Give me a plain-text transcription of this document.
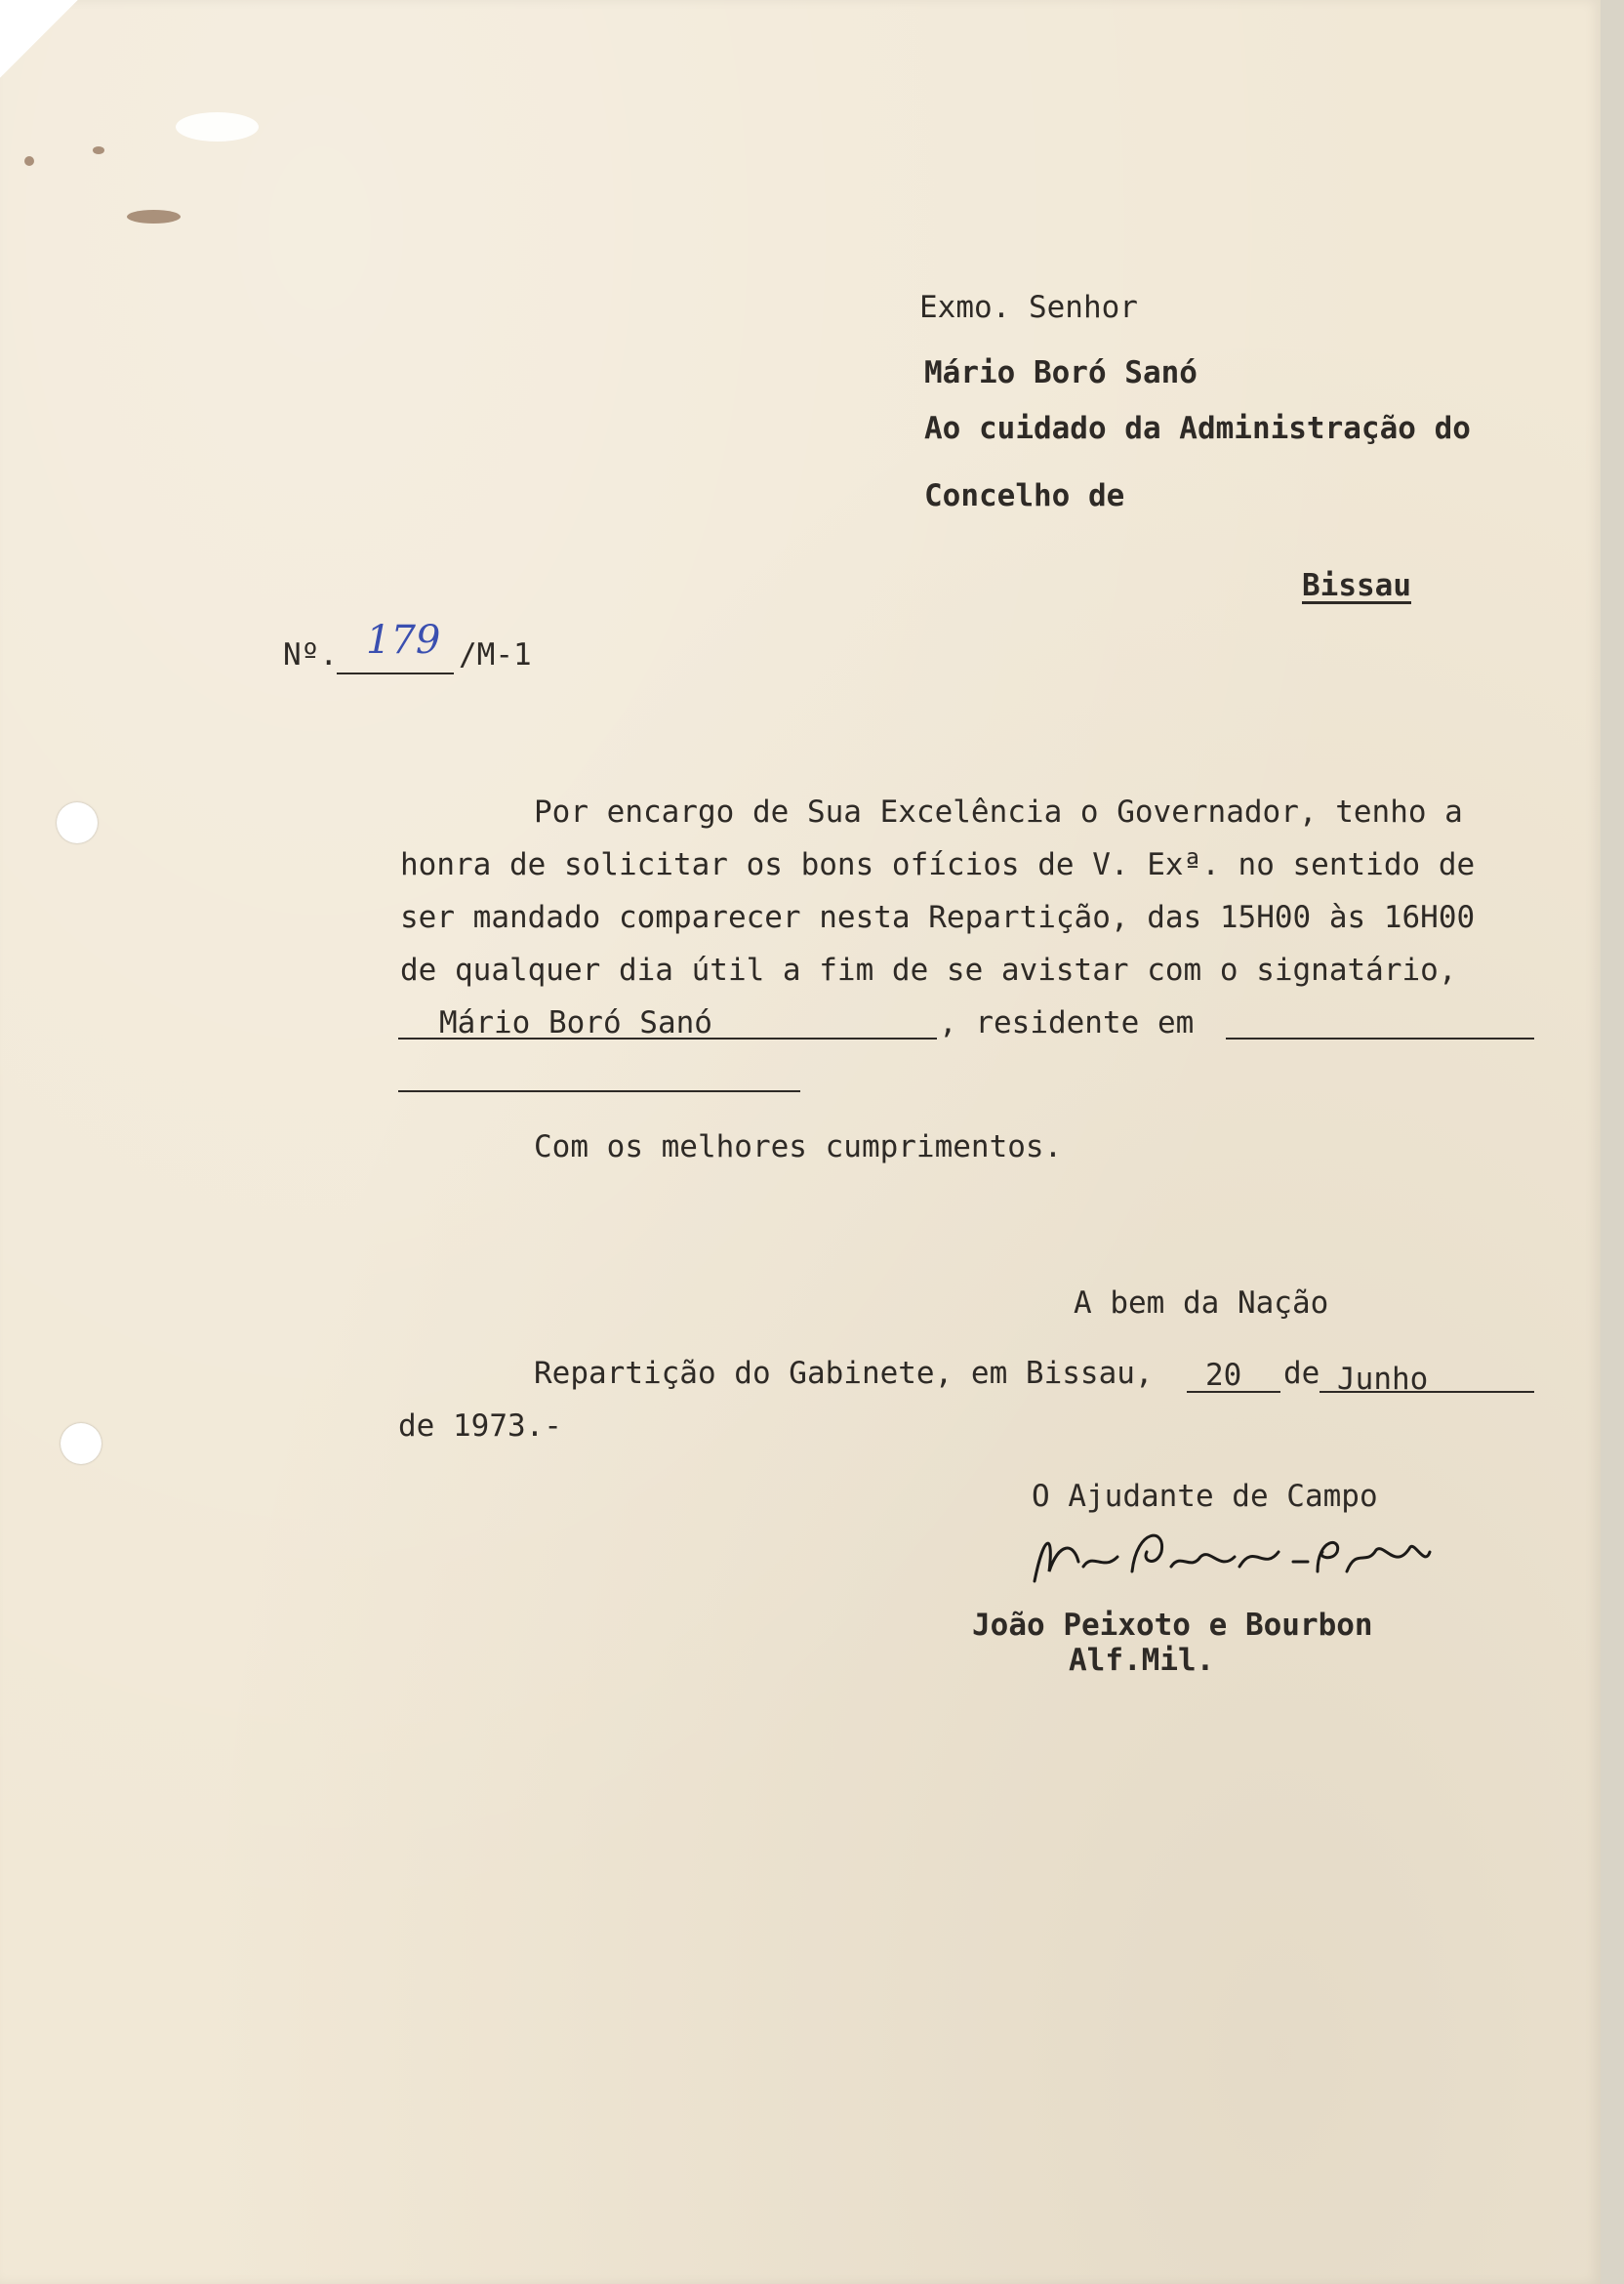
Exmo. Senhor
Mário Boró Sanó
Ao cuidado da Administração do
Concelho de
Bissau
Nº. 179 /M-1
Por encargo de Sua Excelência o Governador, tenho a
honra de solicitar os bons ofícios de V. Exª. no sentido de
ser mandado comparecer nesta Repartição, das 15H00 às 16H00
de qualquer dia útil a fim de se avistar com o signatário,
Mário Boró Sanó	, residente em
Com os melhores cumprimentos.
A bem da Nação
Repartição do Gabinete, em Bissau, 20 de Junho
de 1973.-
O Ajudante de Campo
João Peixoto e Bourbon
Alf.Mil.
